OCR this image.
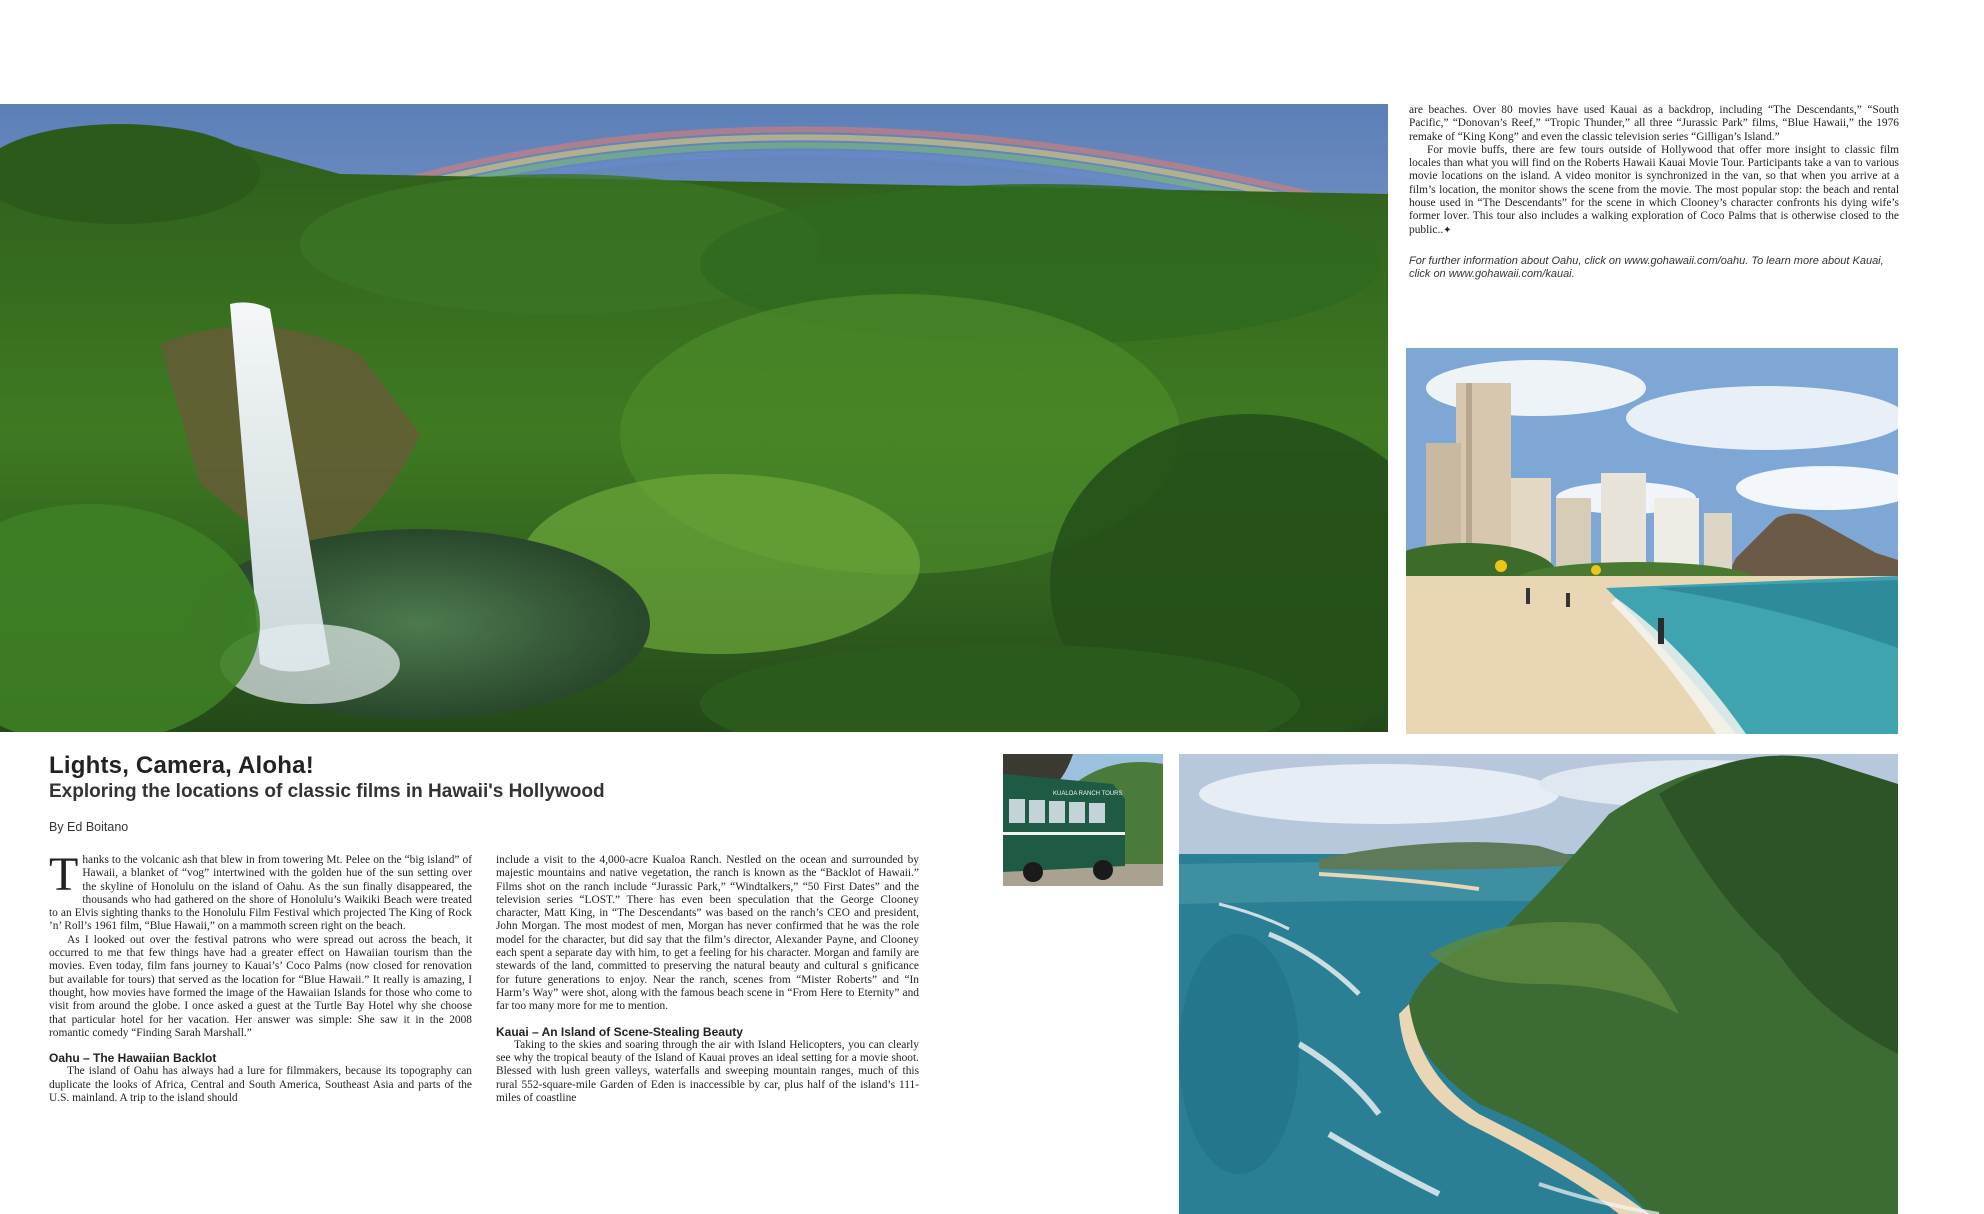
Lights, Camera, Aloha!
Exploring the locations of classic films in Hawaii's Hollywood

By Ed Boitano

Thanks to the volcanic ash that blew in from towering Mt. Pelee on the “big island” of Hawaii, a blanket of “vog” intertwined with the golden hue of the sun setting over the skyline of Honolulu on the island of Oahu. As the sun finally disappeared, the thousands who had gathered on the shore of Honolulu’s Waikiki Beach were treated to an Elvis sighting thanks to the Honolulu Film Festival which projected The King of Rock ’n’ Roll’s 1961 film, “Blue Hawaii,” on a mammoth screen right on the beach.

As I looked out over the festival patrons who were spread out across the beach, it occurred to me that few things have had a greater effect on Hawaiian tourism than the movies. Even today, film fans journey to Kauai’s’ Coco Palms (now closed for renovation but available for tours) that served as the location for “Blue Hawaii.” It really is amazing, I thought, how movies have formed the image of the Hawaiian Islands for those who come to visit from around the globe. I once asked a guest at the Turtle Bay Hotel why she choose that particular hotel for her vacation. Her answer was simple: She saw it in the 2008 romantic comedy “Finding Sarah Marshall.”

Oahu – The Hawaiian Backlot

The island of Oahu has always had a lure for filmmakers, because its topography can duplicate the looks of Africa, Central and South America, Southeast Asia and parts of the U.S. mainland. A trip to the island should

include a visit to the 4,000-acre Kualoa Ranch. Nestled on the ocean and surrounded by majestic mountains and native vegetation, the ranch is known as the “Backlot of Hawaii.” Films shot on the ranch include “Jurassic Park,” “Windtalkers,” “50 First Dates” and the television series “LOST.” There has even been speculation that the George Clooney character, Matt King, in “The Descendants” was based on the ranch’s CEO and president, John Morgan. The most modest of men, Morgan has never confirmed that he was the role model for the character, but did say that the film’s director, Alexander Payne, and Clooney each spent a separate day with him, to get a feeling for his character. Morgan and family are stewards of the land, committed to preserving the natural beauty and cultural s gnificance for future generations to enjoy. Near the ranch, scenes from “Mister Roberts” and “In Harm’s Way” were shot, along with the famous beach scene in “From Here to Eternity” and far too many more for me to mention.

Kauai – An Island of Scene-Stealing Beauty

Taking to the skies and soaring through the air with Island Helicopters, you can clearly see why the tropical beauty of the Island of Kauai proves an ideal setting for a movie shoot. Blessed with lush green valleys, waterfalls and sweeping mountain ranges, much of this rural 552-square-mile Garden of Eden is inaccessible by car, plus half of the island’s 111- miles of coastline

are beaches. Over 80 movies have used Kauai as a backdrop, including “The Descendants,” “South Pacific,” “Donovan’s Reef,” “Tropic Thunder,” all three “Jurassic Park” films, “Blue Hawaii,” the 1976 remake of “King Kong” and even the classic television series “Gilligan’s Island.”

For movie buffs, there are few tours outside of Hollywood that offer more insight to classic film locales than what you will find on the Roberts Hawaii Kauai Movie Tour. Participants take a van to various movie locations on the island. A video monitor is synchronized in the van, so that when you arrive at a film’s location, the monitor shows the scene from the movie. The most popular stop: the beach and rental house used in “The Descendants” for the scene in which Clooney’s character confronts his dying wife’s former lover. This tour also includes a walking exploration of Coco Palms that is otherwise closed to the public..✦

For further information about Oahu, click on www.gohawaii.com/oahu. To learn more about Kauai, click on www.gohawaii.com/kauai.

KUALOA RANCH TOURS
